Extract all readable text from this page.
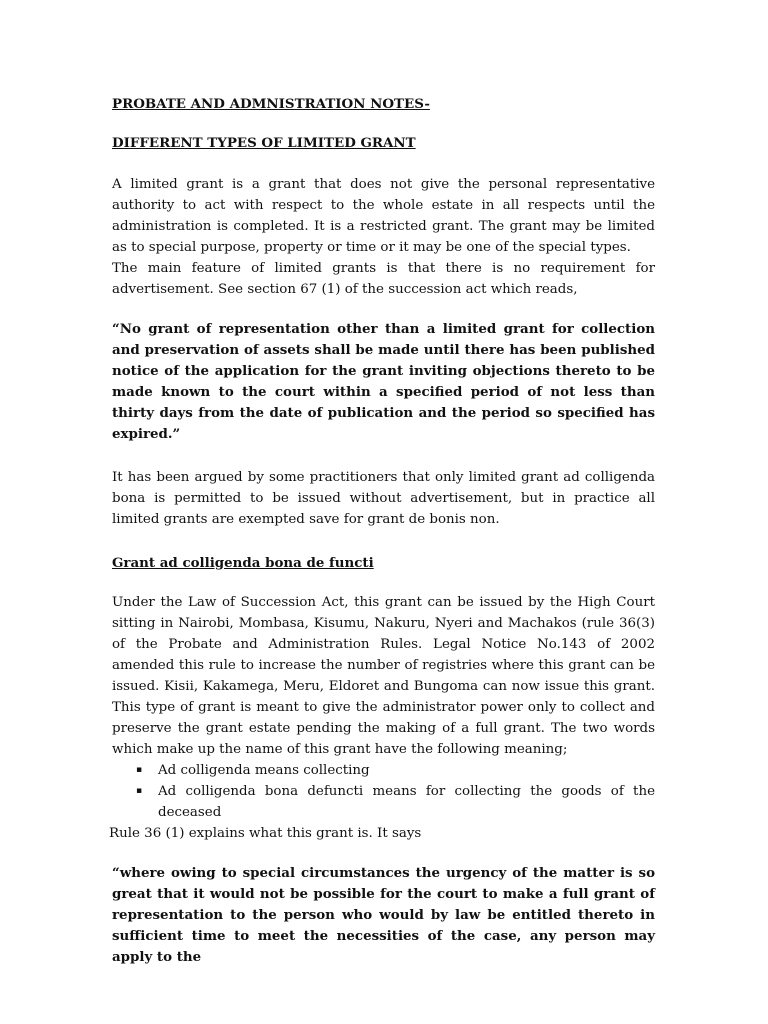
PROBATE AND ADMNISTRATION NOTES-
DIFFERENT TYPES OF LIMITED GRANT

A limited grant is a grant that does not give the personal representative authority to act with respect to the whole estate in all respects until the administration is completed. It is a restricted grant. The grant may be limited as to special purpose, property or time or it may be one of the special types.

The main feature of limited grants is that there is no requirement for advertisement. See section 67 (1) of the succession act which reads,

“No grant of representation other than a limited grant for collection and preservation of assets shall be made until there has been published notice of the application for the grant inviting objections thereto to be made known to the court within a specified period of not less than thirty days from the date of publication and the period so specified has expired.”

It has been argued by some practitioners that only limited grant ad colligenda bona is permitted to be issued without advertisement, but in practice all limited grants are exempted save for grant de bonis non.

Grant ad colligenda bona de functi

Under the Law of Succession Act, this grant can be issued by the High Court sitting in Nairobi, Mombasa, Kisumu, Nakuru, Nyeri and Machakos (rule 36(3) of the Probate and Administration Rules. Legal Notice No.143 of 2002 amended this rule to increase the number of registries where this grant can be issued. Kisii, Kakamega, Meru, Eldoret and Bungoma can now issue this grant. This type of grant is meant to give the administrator power only to collect and preserve the grant estate pending the making of a full grant. The two words which make up the name of this grant have the following meaning;

▪ Ad colligenda means collecting
▪ Ad colligenda bona defuncti means for collecting the goods of the deceased

Rule 36 (1) explains what this grant is. It says

“where owing to special circumstances the urgency of the matter is so great that it would not be possible for the court to make a full grant of representation to the person who would by law be entitled thereto in sufficient time to meet the necessities of the case, any person may apply to the
